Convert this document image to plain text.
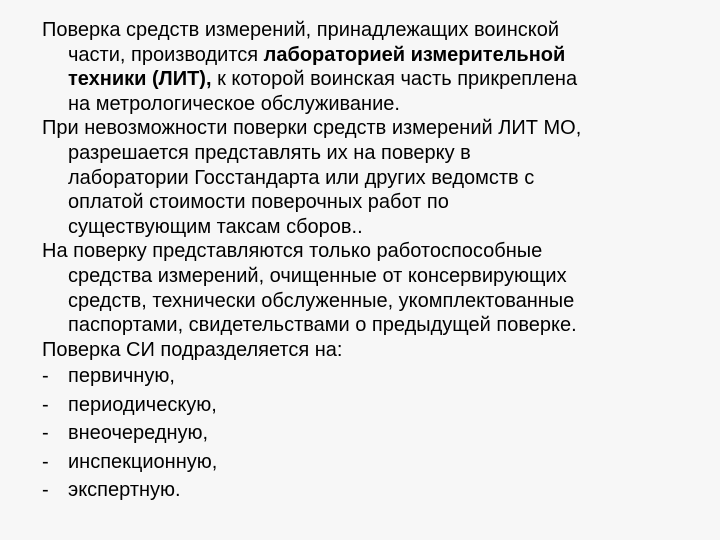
Поверка средств измерений, принадлежащих воинской
части, производится лабораторией измерительной
техники (ЛИТ), к которой воинская часть прикреплена
на метрологическое обслуживание.
При невозможности поверки средств измерений ЛИТ МО,
разрешается представлять их на поверку в
лаборатории Госстандарта или других ведомств с
оплатой стоимости поверочных работ по
существующим таксам сборов..
На поверку представляются только работоспособные
средства измерений, очищенные от консервирующих
средств, технически обслуженные, укомплектованные
паспортами, свидетельствами о предыдущей поверке.
Поверка СИ подразделяется на:
- первичную,
- периодическую,
- внеочередную,
- инспекционную,
- экспертную.
